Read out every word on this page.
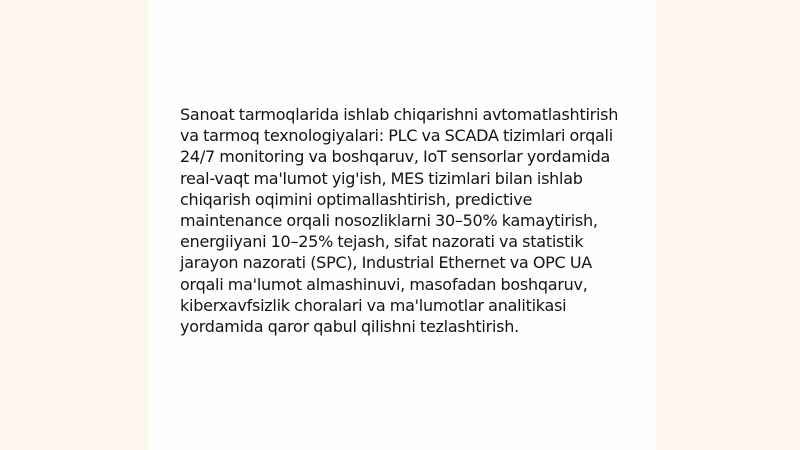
Sanoat tarmoqlarida ishlab chiqarishni avtomatlashtirish va tarmoq texnologiyalari: PLC va SCADA tizimlari orqali 24/7 monitoring va boshqaruv, IoT sensorlar yordamida real-vaqt ma'lumot yig'ish, MES tizimlari bilan ishlab chiqarish oqimini optimallashtirish, predictive maintenance orqali nosozliklarni 30–50% kamaytirish, energiiyani 10–25% tejash, sifat nazorati va statistik jarayon nazorati (SPC), Industrial Ethernet va OPC UA orqali ma'lumot almashinuvi, masofadan boshqaruv, kiberxavfsizlik choralari va ma'lumotlar analitikasi yordamida qaror qabul qilishni tezlashtirish.
